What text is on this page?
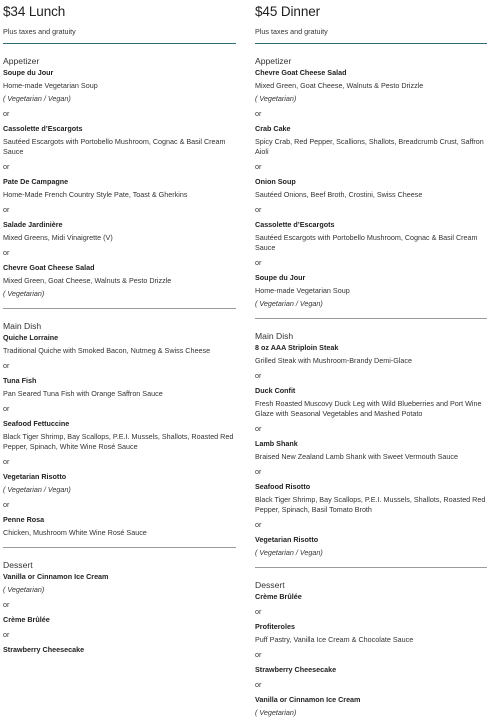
$34 Lunch

Plus taxes and gratuity

Appetizer
Soupe du Jour
Home-made Vegetarian Soup
( Vegetarian / Vegan)
or
Cassolette d’Escargots
Sautéed Escargots with Portobello Mushroom, Cognac & Basil Cream Sauce
or
Pate De Campagne
Home-Made French Country Style Pate, Toast & Gherkins
or
Salade Jardinière
Mixed Greens, Midi Vinaigrette (V)
or
Chevre Goat Cheese Salad
Mixed Green, Goat Cheese, Walnuts & Pesto Drizzle
( Vegetarian)
Main Dish
Quiche Lorraine
Traditional Quiche with Smoked Bacon, Nutmeg & Swiss Cheese
or
Tuna Fish
Pan Seared Tuna Fish with Orange Saffron Sauce
or
Seafood Fettuccine
Black Tiger Shrimp, Bay Scallops, P.E.I. Mussels, Shallots, Roasted Red Pepper, Spinach, White Wine Rosé Sauce
or
Vegetarian Risotto
( Vegetarian / Vegan)
or
Penne Rosa
Chicken, Mushroom White Wine Rosé Sauce
Dessert
Vanilla or Cinnamon Ice Cream
( Vegetarian)
or
Crème Brûlée
or
Strawberry Cheesecake
$45 Dinner

Plus taxes and gratuity

Appetizer
Chevre Goat Cheese Salad
Mixed Green, Goat Cheese, Walnuts & Pesto Drizzle
( Vegetarian)
or
Crab Cake
Spicy Crab, Red Pepper, Scallions, Shallots, Breadcrumb Crust, Saffron Aioli
or
Onion Soup
Sautéed Onions, Beef Broth, Crostini, Swiss Cheese
or
Cassolette d’Escargots
Sautéed Escargots with Portobello Mushroom, Cognac & Basil Cream Sauce
or
Soupe du Jour
Home-made Vegetarian Soup
( Vegetarian / Vegan)
Main Dish
8 oz AAA Striploin Steak
Grilled Steak with Mushroom-Brandy Demi-Glace
or
Duck Confit
Fresh Roasted Muscovy Duck Leg with Wild Blueberries and Port Wine Glaze with Seasonal Vegetables and Mashed Potato
or
Lamb Shank
Braised New Zealand Lamb Shank with Sweet Vermouth Sauce
or
Seafood Risotto
Black Tiger Shrimp, Bay Scallops, P.E.I. Mussels, Shallots, Roasted Red Pepper, Spinach, Basil Tomato Broth
or
Vegetarian Risotto
( Vegetarian / Vegan)
Dessert
Crème Brûlée
or
Profiteroles
Puff Pastry, Vanilla Ice Cream & Chocolate Sauce
or
Strawberry Cheesecake
or
Vanilla or Cinnamon Ice Cream
( Vegetarian)
